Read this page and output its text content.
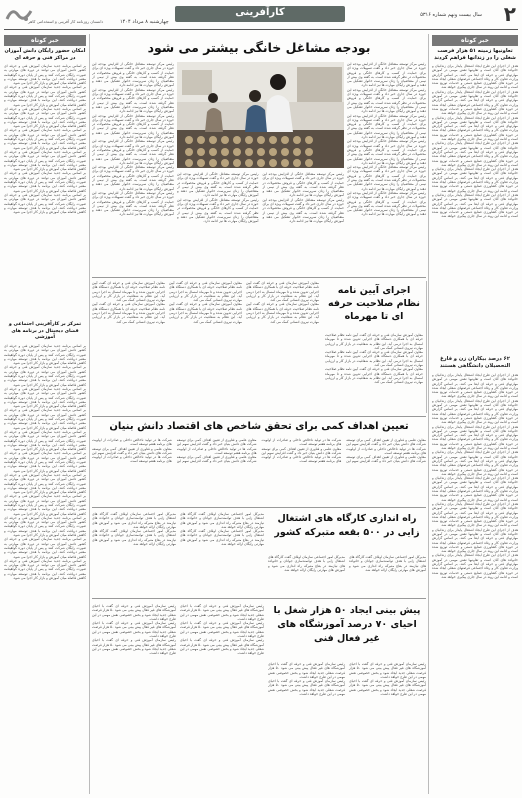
۲
سال بیست ونهم شماره ۵۳۱۶
کارآفرینی
چهارشنبه ۸ مرداد ۱۴۰۴
دانستان روزنامه کار آفرینی و استخدامی کاهر
خبر کوتاه
تعاونیها زمینه ۵۱ هزار فرصت شغلی را در زندانها فراهم کردند
هدف از اجرای این طرح ایجاد اشتغال پایدار برای زندانیان و خانواده های آنان است و تعاونیها نقش مهمی در آموزش مهارتهای فنی و حرفه ای ایفا می کنند. بر اساس گزارش وزارت تعاون کار و رفاه اجتماعی فرصتهای شغلی ایجاد شده در حوزه های کشاورزی صنایع دستی و خدمات توزیع شده است و ادامه این روند در سال جاری پیگیری خواهد شد.
هدف از اجرای این طرح ایجاد اشتغال پایدار برای زندانیان و خانواده های آنان است و تعاونیها نقش مهمی در آموزش مهارتهای فنی و حرفه ای ایفا می کنند. بر اساس گزارش وزارت تعاون کار و رفاه اجتماعی فرصتهای شغلی ایجاد شده در حوزه های کشاورزی صنایع دستی و خدمات توزیع شده است و ادامه این روند در سال جاری پیگیری خواهد شد.
هدف از اجرای این طرح ایجاد اشتغال پایدار برای زندانیان و خانواده های آنان است و تعاونیها نقش مهمی در آموزش مهارتهای فنی و حرفه ای ایفا می کنند. بر اساس گزارش وزارت تعاون کار و رفاه اجتماعی فرصتهای شغلی ایجاد شده در حوزه های کشاورزی صنایع دستی و خدمات توزیع شده است و ادامه این روند در سال جاری پیگیری خواهد شد.
هدف از اجرای این طرح ایجاد اشتغال پایدار برای زندانیان و خانواده های آنان است و تعاونیها نقش مهمی در آموزش مهارتهای فنی و حرفه ای ایفا می کنند. بر اساس گزارش وزارت تعاون کار و رفاه اجتماعی فرصتهای شغلی ایجاد شده در حوزه های کشاورزی صنایع دستی و خدمات توزیع شده است و ادامه این روند در سال جاری پیگیری خواهد شد.
هدف از اجرای این طرح ایجاد اشتغال پایدار برای زندانیان و خانواده های آنان است و تعاونیها نقش مهمی در آموزش مهارتهای فنی و حرفه ای ایفا می کنند. بر اساس گزارش وزارت تعاون کار و رفاه اجتماعی فرصتهای شغلی ایجاد شده در حوزه های کشاورزی صنایع دستی و خدمات توزیع شده است و ادامه این روند در سال جاری پیگیری خواهد شد.
هدف از اجرای این طرح ایجاد اشتغال پایدار برای زندانیان و خانواده های آنان است و تعاونیها نقش مهمی در آموزش مهارتهای فنی و حرفه ای ایفا می کنند. بر اساس گزارش وزارت تعاون کار و رفاه اجتماعی فرصتهای شغلی ایجاد شده در حوزه های کشاورزی صنایع دستی و خدمات توزیع شده است و ادامه این روند در سال جاری پیگیری خواهد شد.
۶۲ درصد بیکاران زن و فارغ التحصیلان دانشگاهی هستند
هدف از اجرای این طرح ایجاد اشتغال پایدار برای زندانیان و خانواده های آنان است و تعاونیها نقش مهمی در آموزش مهارتهای فنی و حرفه ای ایفا می کنند. بر اساس گزارش وزارت تعاون کار و رفاه اجتماعی فرصتهای شغلی ایجاد شده در حوزه های کشاورزی صنایع دستی و خدمات توزیع شده است و ادامه این روند در سال جاری پیگیری خواهد شد.
هدف از اجرای این طرح ایجاد اشتغال پایدار برای زندانیان و خانواده های آنان است و تعاونیها نقش مهمی در آموزش مهارتهای فنی و حرفه ای ایفا می کنند. بر اساس گزارش وزارت تعاون کار و رفاه اجتماعی فرصتهای شغلی ایجاد شده در حوزه های کشاورزی صنایع دستی و خدمات توزیع شده است و ادامه این روند در سال جاری پیگیری خواهد شد.
هدف از اجرای این طرح ایجاد اشتغال پایدار برای زندانیان و خانواده های آنان است و تعاونیها نقش مهمی در آموزش مهارتهای فنی و حرفه ای ایفا می کنند. بر اساس گزارش وزارت تعاون کار و رفاه اجتماعی فرصتهای شغلی ایجاد شده در حوزه های کشاورزی صنایع دستی و خدمات توزیع شده است و ادامه این روند در سال جاری پیگیری خواهد شد.
هدف از اجرای این طرح ایجاد اشتغال پایدار برای زندانیان و خانواده های آنان است و تعاونیها نقش مهمی در آموزش مهارتهای فنی و حرفه ای ایفا می کنند. بر اساس گزارش وزارت تعاون کار و رفاه اجتماعی فرصتهای شغلی ایجاد شده در حوزه های کشاورزی صنایع دستی و خدمات توزیع شده است و ادامه این روند در سال جاری پیگیری خواهد شد.
هدف از اجرای این طرح ایجاد اشتغال پایدار برای زندانیان و خانواده های آنان است و تعاونیها نقش مهمی در آموزش مهارتهای فنی و حرفه ای ایفا می کنند. بر اساس گزارش وزارت تعاون کار و رفاه اجتماعی فرصتهای شغلی ایجاد شده در حوزه های کشاورزی صنایع دستی و خدمات توزیع شده است و ادامه این روند در سال جاری پیگیری خواهد شد.
هدف از اجرای این طرح ایجاد اشتغال پایدار برای زندانیان و خانواده های آنان است و تعاونیها نقش مهمی در آموزش مهارتهای فنی و حرفه ای ایفا می کنند. بر اساس گزارش وزارت تعاون کار و رفاه اجتماعی فرصتهای شغلی ایجاد شده در حوزه های کشاورزی صنایع دستی و خدمات توزیع شده است و ادامه این روند در سال جاری پیگیری خواهد شد.
هدف از اجرای این طرح ایجاد اشتغال پایدار برای زندانیان و خانواده های آنان است و تعاونیها نقش مهمی در آموزش مهارتهای فنی و حرفه ای ایفا می کنند. بر اساس گزارش وزارت تعاون کار و رفاه اجتماعی فرصتهای شغلی ایجاد شده در حوزه های کشاورزی صنایع دستی و خدمات توزیع شده است و ادامه این روند در سال جاری پیگیری خواهد شد.
هدف از اجرای این طرح ایجاد اشتغال پایدار برای زندانیان و خانواده های آنان است و تعاونیها نقش مهمی در آموزش مهارتهای فنی و حرفه ای ایفا می کنند. بر اساس گزارش وزارت تعاون کار و رفاه اجتماعی فرصتهای شغلی ایجاد شده در حوزه های کشاورزی صنایع دستی و خدمات توزیع شده است و ادامه این روند در سال جاری پیگیری خواهد شد.
خبر کوتاه
امکان حضور رایگان دانش آموزان در مراکز فنی و حرفه ای
بر اساس برنامه جدید سازمان آموزش فنی و حرفه ای کشور دانش آموزان می توانند در دوره های مهارتی به صورت رایگان شرکت کنند و پس از پایان دوره گواهینامه معتبر دریافت کنند. این برنامه با هدف توسعه مهارت و کاهش فاصله میان آموزش و بازار کار اجرا می شود.
بر اساس برنامه جدید سازمان آموزش فنی و حرفه ای کشور دانش آموزان می توانند در دوره های مهارتی به صورت رایگان شرکت کنند و پس از پایان دوره گواهینامه معتبر دریافت کنند. این برنامه با هدف توسعه مهارت و کاهش فاصله میان آموزش و بازار کار اجرا می شود.
بر اساس برنامه جدید سازمان آموزش فنی و حرفه ای کشور دانش آموزان می توانند در دوره های مهارتی به صورت رایگان شرکت کنند و پس از پایان دوره گواهینامه معتبر دریافت کنند. این برنامه با هدف توسعه مهارت و کاهش فاصله میان آموزش و بازار کار اجرا می شود.
بر اساس برنامه جدید سازمان آموزش فنی و حرفه ای کشور دانش آموزان می توانند در دوره های مهارتی به صورت رایگان شرکت کنند و پس از پایان دوره گواهینامه معتبر دریافت کنند. این برنامه با هدف توسعه مهارت و کاهش فاصله میان آموزش و بازار کار اجرا می شود.
بر اساس برنامه جدید سازمان آموزش فنی و حرفه ای کشور دانش آموزان می توانند در دوره های مهارتی به صورت رایگان شرکت کنند و پس از پایان دوره گواهینامه معتبر دریافت کنند. این برنامه با هدف توسعه مهارت و کاهش فاصله میان آموزش و بازار کار اجرا می شود.
بر اساس برنامه جدید سازمان آموزش فنی و حرفه ای کشور دانش آموزان می توانند در دوره های مهارتی به صورت رایگان شرکت کنند و پس از پایان دوره گواهینامه معتبر دریافت کنند. این برنامه با هدف توسعه مهارت و کاهش فاصله میان آموزش و بازار کار اجرا می شود.
بر اساس برنامه جدید سازمان آموزش فنی و حرفه ای کشور دانش آموزان می توانند در دوره های مهارتی به صورت رایگان شرکت کنند و پس از پایان دوره گواهینامه معتبر دریافت کنند. این برنامه با هدف توسعه مهارت و کاهش فاصله میان آموزش و بازار کار اجرا می شود.
تمرکز بر کارآفرینی اجتماعی و فضای دیجیتال در برنامه های آموزشی
بر اساس برنامه جدید سازمان آموزش فنی و حرفه ای کشور دانش آموزان می توانند در دوره های مهارتی به صورت رایگان شرکت کنند و پس از پایان دوره گواهینامه معتبر دریافت کنند. این برنامه با هدف توسعه مهارت و کاهش فاصله میان آموزش و بازار کار اجرا می شود.
بر اساس برنامه جدید سازمان آموزش فنی و حرفه ای کشور دانش آموزان می توانند در دوره های مهارتی به صورت رایگان شرکت کنند و پس از پایان دوره گواهینامه معتبر دریافت کنند. این برنامه با هدف توسعه مهارت و کاهش فاصله میان آموزش و بازار کار اجرا می شود.
بر اساس برنامه جدید سازمان آموزش فنی و حرفه ای کشور دانش آموزان می توانند در دوره های مهارتی به صورت رایگان شرکت کنند و پس از پایان دوره گواهینامه معتبر دریافت کنند. این برنامه با هدف توسعه مهارت و کاهش فاصله میان آموزش و بازار کار اجرا می شود.
بر اساس برنامه جدید سازمان آموزش فنی و حرفه ای کشور دانش آموزان می توانند در دوره های مهارتی به صورت رایگان شرکت کنند و پس از پایان دوره گواهینامه معتبر دریافت کنند. این برنامه با هدف توسعه مهارت و کاهش فاصله میان آموزش و بازار کار اجرا می شود.
بر اساس برنامه جدید سازمان آموزش فنی و حرفه ای کشور دانش آموزان می توانند در دوره های مهارتی به صورت رایگان شرکت کنند و پس از پایان دوره گواهینامه معتبر دریافت کنند. این برنامه با هدف توسعه مهارت و کاهش فاصله میان آموزش و بازار کار اجرا می شود.
بر اساس برنامه جدید سازمان آموزش فنی و حرفه ای کشور دانش آموزان می توانند در دوره های مهارتی به صورت رایگان شرکت کنند و پس از پایان دوره گواهینامه معتبر دریافت کنند. این برنامه با هدف توسعه مهارت و کاهش فاصله میان آموزش و بازار کار اجرا می شود.
بر اساس برنامه جدید سازمان آموزش فنی و حرفه ای کشور دانش آموزان می توانند در دوره های مهارتی به صورت رایگان شرکت کنند و پس از پایان دوره گواهینامه معتبر دریافت کنند. این برنامه با هدف توسعه مهارت و کاهش فاصله میان آموزش و بازار کار اجرا می شود.
بر اساس برنامه جدید سازمان آموزش فنی و حرفه ای کشور دانش آموزان می توانند در دوره های مهارتی به صورت رایگان شرکت کنند و پس از پایان دوره گواهینامه معتبر دریافت کنند. این برنامه با هدف توسعه مهارت و کاهش فاصله میان آموزش و بازار کار اجرا می شود.
بر اساس برنامه جدید سازمان آموزش فنی و حرفه ای کشور دانش آموزان می توانند در دوره های مهارتی به صورت رایگان شرکت کنند و پس از پایان دوره گواهینامه معتبر دریافت کنند. این برنامه با هدف توسعه مهارت و کاهش فاصله میان آموزش و بازار کار اجرا می شود.
بر اساس برنامه جدید سازمان آموزش فنی و حرفه ای کشور دانش آموزان می توانند در دوره های مهارتی به صورت رایگان شرکت کنند و پس از پایان دوره گواهینامه معتبر دریافت کنند. این برنامه با هدف توسعه مهارت و کاهش فاصله میان آموزش و بازار کار اجرا می شود.
بر اساس برنامه جدید سازمان آموزش فنی و حرفه ای کشور دانش آموزان می توانند در دوره های مهارتی به صورت رایگان شرکت کنند و پس از پایان دوره گواهینامه معتبر دریافت کنند. این برنامه با هدف توسعه مهارت و کاهش فاصله میان آموزش و بازار کار اجرا می شود.
بودجه مشاغل خانگی بیشتر می شود
رئیس مرکز توسعه مشاغل خانگی از افزایش بودجه این حوزه در سال جاری خبر داد و گفت تسهیلات ویژه ای برای حمایت از کسب و کارهای خانگی و فروش محصولات در نظر گرفته شده است. به گفته وی بیش از نیمی از متقاضیان را زنان سرپرست خانوار تشکیل می دهند و آموزش رایگان مهارت ها نیز ادامه دارد.
رئیس مرکز توسعه مشاغل خانگی از افزایش بودجه این حوزه در سال جاری خبر داد و گفت تسهیلات ویژه ای برای حمایت از کسب و کارهای خانگی و فروش محصولات در نظر گرفته شده است. به گفته وی بیش از نیمی از متقاضیان را زنان سرپرست خانوار تشکیل می دهند و آموزش رایگان مهارت ها نیز ادامه دارد.
رئیس مرکز توسعه مشاغل خانگی از افزایش بودجه این حوزه در سال جاری خبر داد و گفت تسهیلات ویژه ای برای حمایت از کسب و کارهای خانگی و فروش محصولات در نظر گرفته شده است. به گفته وی بیش از نیمی از متقاضیان را زنان سرپرست خانوار تشکیل می دهند و آموزش رایگان مهارت ها نیز ادامه دارد.
رئیس مرکز توسعه مشاغل خانگی از افزایش بودجه این حوزه در سال جاری خبر داد و گفت تسهیلات ویژه ای برای حمایت از کسب و کارهای خانگی و فروش محصولات در نظر گرفته شده است. به گفته وی بیش از نیمی از متقاضیان را زنان سرپرست خانوار تشکیل می دهند و آموزش رایگان مهارت ها نیز ادامه دارد.
رئیس مرکز توسعه مشاغل خانگی از افزایش بودجه این حوزه در سال جاری خبر داد و گفت تسهیلات ویژه ای برای حمایت از کسب و کارهای خانگی و فروش محصولات در نظر گرفته شده است. به گفته وی بیش از نیمی از متقاضیان را زنان سرپرست خانوار تشکیل می دهند و آموزش رایگان مهارت ها نیز ادامه دارد.
رئیس مرکز توسعه مشاغل خانگی از افزایش بودجه این حوزه در سال جاری خبر داد و گفت تسهیلات ویژه ای برای حمایت از کسب و کارهای خانگی و فروش محصولات در نظر گرفته شده است. به گفته وی بیش از نیمی از متقاضیان را زنان سرپرست خانوار تشکیل می دهند و آموزش رایگان مهارت ها نیز ادامه دارد.
رئیس مرکز توسعه مشاغل خانگی از افزایش بودجه این حوزه در سال جاری خبر داد و گفت تسهیلات ویژه ای برای حمایت از کسب و کارهای خانگی و فروش محصولات در نظر گرفته شده است. به گفته وی بیش از نیمی از متقاضیان را زنان سرپرست خانوار تشکیل می دهند و آموزش رایگان مهارت ها نیز ادامه دارد.
رئیس مرکز توسعه مشاغل خانگی از افزایش بودجه این حوزه در سال جاری خبر داد و گفت تسهیلات ویژه ای برای حمایت از کسب و کارهای خانگی و فروش محصولات در نظر گرفته شده است. به گفته وی بیش از نیمی از متقاضیان را زنان سرپرست خانوار تشکیل می دهند و آموزش رایگان مهارت ها نیز ادامه دارد.
رئیس مرکز توسعه مشاغل خانگی از افزایش بودجه این حوزه در سال جاری خبر داد و گفت تسهیلات ویژه ای برای حمایت از کسب و کارهای خانگی و فروش محصولات در نظر گرفته شده است. به گفته وی بیش از نیمی از متقاضیان را زنان سرپرست خانوار تشکیل می دهند و آموزش رایگان مهارت ها نیز ادامه دارد.
رئیس مرکز توسعه مشاغل خانگی از افزایش بودجه این حوزه در سال جاری خبر داد و گفت تسهیلات ویژه ای برای حمایت از کسب و کارهای خانگی و فروش محصولات در نظر گرفته شده است. به گفته وی بیش از نیمی از متقاضیان را زنان سرپرست خانوار تشکیل می دهند و آموزش رایگان مهارت ها نیز ادامه دارد.
رئیس مرکز توسعه مشاغل خانگی از افزایش بودجه این حوزه در سال جاری خبر داد و گفت تسهیلات ویژه ای برای حمایت از کسب و کارهای خانگی و فروش محصولات در نظر گرفته شده است. به گفته وی بیش از نیمی از متقاضیان را زنان سرپرست خانوار تشکیل می دهند و آموزش رایگان مهارت ها نیز ادامه دارد.
رئیس مرکز توسعه مشاغل خانگی از افزایش بودجه این حوزه در سال جاری خبر داد و گفت تسهیلات ویژه ای برای حمایت از کسب و کارهای خانگی و فروش محصولات در نظر گرفته شده است. به گفته وی بیش از نیمی از متقاضیان را زنان سرپرست خانوار تشکیل می دهند و آموزش رایگان مهارت ها نیز ادامه دارد.
رئیس مرکز توسعه مشاغل خانگی از افزایش بودجه این حوزه در سال جاری خبر داد و گفت تسهیلات ویژه ای برای حمایت از کسب و کارهای خانگی و فروش محصولات در نظر گرفته شده است. به گفته وی بیش از نیمی از متقاضیان را زنان سرپرست خانوار تشکیل می دهند و آموزش رایگان مهارت ها نیز ادامه دارد.
رئیس مرکز توسعه مشاغل خانگی از افزایش بودجه این حوزه در سال جاری خبر داد و گفت تسهیلات ویژه ای برای حمایت از کسب و کارهای خانگی و فروش محصولات در نظر گرفته شده است. به گفته وی بیش از نیمی از متقاضیان را زنان سرپرست خانوار تشکیل می دهند و آموزش رایگان مهارت ها نیز ادامه دارد.
رئیس مرکز توسعه مشاغل خانگی از افزایش بودجه این حوزه در سال جاری خبر داد و گفت تسهیلات ویژه ای برای حمایت از کسب و کارهای خانگی و فروش محصولات در نظر گرفته شده است. به گفته وی بیش از نیمی از متقاضیان را زنان سرپرست خانوار تشکیل می دهند و آموزش رایگان مهارت ها نیز ادامه دارد.
رئیس مرکز توسعه مشاغل خانگی از افزایش بودجه این حوزه در سال جاری خبر داد و گفت تسهیلات ویژه ای برای حمایت از کسب و کارهای خانگی و فروش محصولات در نظر گرفته شده است. به گفته وی بیش از نیمی از متقاضیان را زنان سرپرست خانوار تشکیل می دهند و آموزش رایگان مهارت ها نیز ادامه دارد.
اجرای آیین نامه نظام صلاحیت حرفه ای تا مهرماه
معاون آموزش سازمان فنی و حرفه ای گفت آیین نامه نظام صلاحیت حرفه ای با همکاری دستگاه های اجرایی تدوین شده و تا مهرماه امسال به اجرا درمی آید. این نظام به شفافیت در بازار کار و ارزیابی مهارت نیروی انسانی کمک می کند.
معاون آموزش سازمان فنی و حرفه ای گفت آیین نامه نظام صلاحیت حرفه ای با همکاری دستگاه های اجرایی تدوین شده و تا مهرماه امسال به اجرا درمی آید. این نظام به شفافیت در بازار کار و ارزیابی مهارت نیروی انسانی کمک می کند.
معاون آموزش سازمان فنی و حرفه ای گفت آیین نامه نظام صلاحیت حرفه ای با همکاری دستگاه های اجرایی تدوین شده و تا مهرماه امسال به اجرا درمی آید. این نظام به شفافیت در بازار کار و ارزیابی مهارت نیروی انسانی کمک می کند.
معاون آموزش سازمان فنی و حرفه ای گفت آیین نامه نظام صلاحیت حرفه ای با همکاری دستگاه های اجرایی تدوین شده و تا مهرماه امسال به اجرا درمی آید. این نظام به شفافیت در بازار کار و ارزیابی مهارت نیروی انسانی کمک می کند.
معاون آموزش سازمان فنی و حرفه ای گفت آیین نامه نظام صلاحیت حرفه ای با همکاری دستگاه های اجرایی تدوین شده و تا مهرماه امسال به اجرا درمی آید. این نظام به شفافیت در بازار کار و ارزیابی مهارت نیروی انسانی کمک می کند.
معاون آموزش سازمان فنی و حرفه ای گفت آیین نامه نظام صلاحیت حرفه ای با همکاری دستگاه های اجرایی تدوین شده و تا مهرماه امسال به اجرا درمی آید. این نظام به شفافیت در بازار کار و ارزیابی مهارت نیروی انسانی کمک می کند.
معاون آموزش سازمان فنی و حرفه ای گفت آیین نامه نظام صلاحیت حرفه ای با همکاری دستگاه های اجرایی تدوین شده و تا مهرماه امسال به اجرا درمی آید. این نظام به شفافیت در بازار کار و ارزیابی مهارت نیروی انسانی کمک می کند.
معاون آموزش سازمان فنی و حرفه ای گفت آیین نامه نظام صلاحیت حرفه ای با همکاری دستگاه های اجرایی تدوین شده و تا مهرماه امسال به اجرا درمی آید. این نظام به شفافیت در بازار کار و ارزیابی مهارت نیروی انسانی کمک می کند.
معاون آموزش سازمان فنی و حرفه ای گفت آیین نامه نظام صلاحیت حرفه ای با همکاری دستگاه های اجرایی تدوین شده و تا مهرماه امسال به اجرا درمی آید. این نظام به شفافیت در بازار کار و ارزیابی مهارت نیروی انسانی کمک می کند.
تعیین اهداف کمی برای تحقق شاخص های اقتصاد دانش بنیان
معاون علمی و فناوری از تعیین اهداف کمی برای توسعه شرکت های دانش بنیان خبر داد و گفت افزایش سهم این شرکت ها در تولید ناخالص داخلی و صادرات از اولویت های برنامه هفتم توسعه است.
معاون علمی و فناوری از تعیین اهداف کمی برای توسعه شرکت های دانش بنیان خبر داد و گفت افزایش سهم این شرکت ها در تولید ناخالص داخلی و صادرات از اولویت های برنامه هفتم توسعه است.
معاون علمی و فناوری از تعیین اهداف کمی برای توسعه شرکت های دانش بنیان خبر داد و گفت افزایش سهم این شرکت ها در تولید ناخالص داخلی و صادرات از اولویت های برنامه هفتم توسعه است.
معاون علمی و فناوری از تعیین اهداف کمی برای توسعه شرکت های دانش بنیان خبر داد و گفت افزایش سهم این شرکت ها در تولید ناخالص داخلی و صادرات از اولویت های برنامه هفتم توسعه است.
معاون علمی و فناوری از تعیین اهداف کمی برای توسعه شرکت های دانش بنیان خبر داد و گفت افزایش سهم این شرکت ها در تولید ناخالص داخلی و صادرات از اولویت های برنامه هفتم توسعه است.
معاون علمی و فناوری از تعیین اهداف کمی برای توسعه شرکت های دانش بنیان خبر داد و گفت افزایش سهم این شرکت ها در تولید ناخالص داخلی و صادرات از اولویت های برنامه هفتم توسعه است.
راه اندازی کارگاه های اشتغال زایی در ۵۰۰ بقعه متبرکه کشور
مدیرکل امور اجتماعی سازمان اوقاف گفت کارگاه های اشتغال زایی با هدف توانمندسازی جوانان و خانواده های نیازمند در بقاع متبرکه راه اندازی می شود و آموزش های مهارتی رایگان ارائه خواهد شد.
مدیرکل امور اجتماعی سازمان اوقاف گفت کارگاه های اشتغال زایی با هدف توانمندسازی جوانان و خانواده های نیازمند در بقاع متبرکه راه اندازی می شود و آموزش های مهارتی رایگان ارائه خواهد شد.
مدیرکل امور اجتماعی سازمان اوقاف گفت کارگاه های اشتغال زایی با هدف توانمندسازی جوانان و خانواده های نیازمند در بقاع متبرکه راه اندازی می شود و آموزش های مهارتی رایگان ارائه خواهد شد.
مدیرکل امور اجتماعی سازمان اوقاف گفت کارگاه های اشتغال زایی با هدف توانمندسازی جوانان و خانواده های نیازمند در بقاع متبرکه راه اندازی می شود و آموزش های مهارتی رایگان ارائه خواهد شد.
مدیرکل امور اجتماعی سازمان اوقاف گفت کارگاه های اشتغال زایی با هدف توانمندسازی جوانان و خانواده های نیازمند در بقاع متبرکه راه اندازی می شود و آموزش های مهارتی رایگان ارائه خواهد شد.
مدیرکل امور اجتماعی سازمان اوقاف گفت کارگاه های اشتغال زایی با هدف توانمندسازی جوانان و خانواده های نیازمند در بقاع متبرکه راه اندازی می شود و آموزش های مهارتی رایگان ارائه خواهد شد.
پیش بینی ایجاد ۵۰ هزار شغل با احیای ۷۰ درصد آموزشگاه های غیر فعال فنی
رئیس سازمان آموزش فنی و حرفه ای گفت با احیای آموزشگاه های غیر فعال پیش بینی می شود ۵۰ هزار فرصت شغلی جدید ایجاد شود و بخش خصوصی نقش مهمی در این طرح خواهد داشت.
رئیس سازمان آموزش فنی و حرفه ای گفت با احیای آموزشگاه های غیر فعال پیش بینی می شود ۵۰ هزار فرصت شغلی جدید ایجاد شود و بخش خصوصی نقش مهمی در این طرح خواهد داشت.
رئیس سازمان آموزش فنی و حرفه ای گفت با احیای آموزشگاه های غیر فعال پیش بینی می شود ۵۰ هزار فرصت شغلی جدید ایجاد شود و بخش خصوصی نقش مهمی در این طرح خواهد داشت.
رئیس سازمان آموزش فنی و حرفه ای گفت با احیای آموزشگاه های غیر فعال پیش بینی می شود ۵۰ هزار فرصت شغلی جدید ایجاد شود و بخش خصوصی نقش مهمی در این طرح خواهد داشت.
رئیس سازمان آموزش فنی و حرفه ای گفت با احیای آموزشگاه های غیر فعال پیش بینی می شود ۵۰ هزار فرصت شغلی جدید ایجاد شود و بخش خصوصی نقش مهمی در این طرح خواهد داشت.
رئیس سازمان آموزش فنی و حرفه ای گفت با احیای آموزشگاه های غیر فعال پیش بینی می شود ۵۰ هزار فرصت شغلی جدید ایجاد شود و بخش خصوصی نقش مهمی در این طرح خواهد داشت.
رئیس سازمان آموزش فنی و حرفه ای گفت با احیای آموزشگاه های غیر فعال پیش بینی می شود ۵۰ هزار فرصت شغلی جدید ایجاد شود و بخش خصوصی نقش مهمی در این طرح خواهد داشت.
رئیس سازمان آموزش فنی و حرفه ای گفت با احیای آموزشگاه های غیر فعال پیش بینی می شود ۵۰ هزار فرصت شغلی جدید ایجاد شود و بخش خصوصی نقش مهمی در این طرح خواهد داشت.
رئیس سازمان آموزش فنی و حرفه ای گفت با احیای آموزشگاه های غیر فعال پیش بینی می شود ۵۰ هزار فرصت شغلی جدید ایجاد شود و بخش خصوصی نقش مهمی در این طرح خواهد داشت.
رئیس سازمان آموزش فنی و حرفه ای گفت با احیای آموزشگاه های غیر فعال پیش بینی می شود ۵۰ هزار فرصت شغلی جدید ایجاد شود و بخش خصوصی نقش مهمی در این طرح خواهد داشت.
